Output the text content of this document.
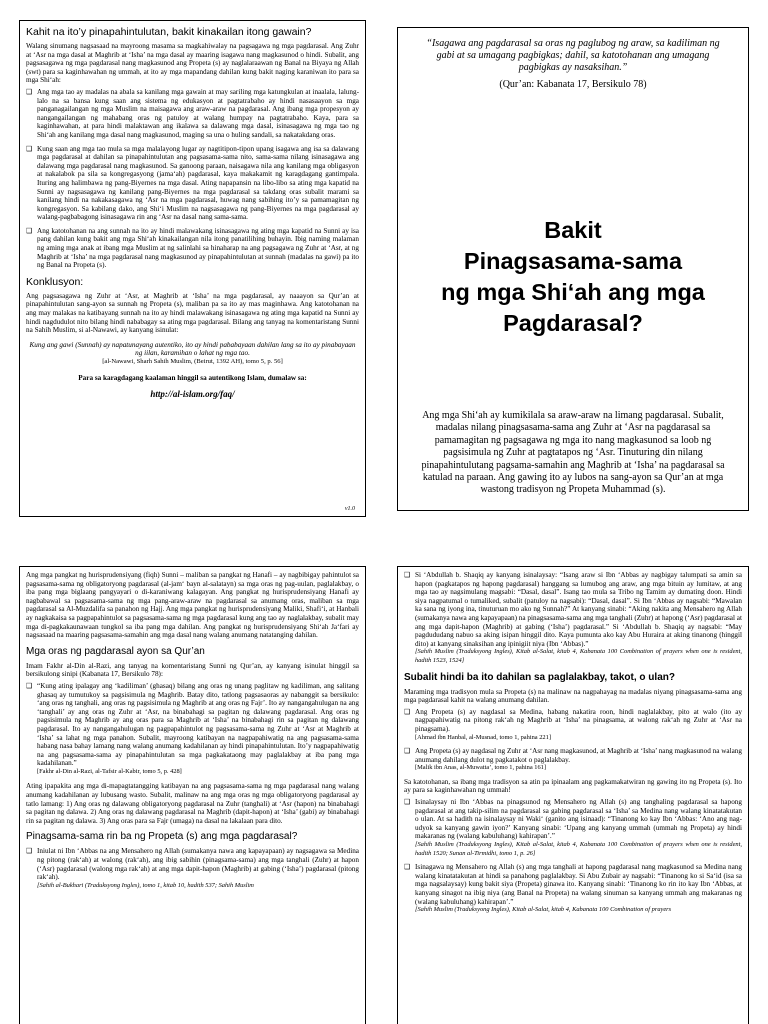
Kahit na ito’y pinapahintulutan, bakit kinakailan itong gawain?

Walang sinumang nagsasaad na mayroong masama sa magkahiwalay na pagsagawa ng mga pagdarasal. Ang Zuhr at ‘Asr na mga dasal at Maghrib at ‘Isha’ na mga dasal ay maaring isagawa nang magkasunod o hindi. Subalit, ang pagsasagawa ng mga pagdarasal nang magkasunod ang Propeta (s) ay naglalaraawan ng Banal na Biyaya ng Allah (swt) para sa kaginhawahan ng ummah, at ito ay mga mapandang dahilan kung bakit naging karaniwan ito para sa mga Shi‘ah:

❑ Ang mga tao ay madalas na abala sa kanilang mga gawain at may sariling mga katungkulan at inaalala, lalung-lalo na sa bansa kung saan ang sistema ng edukasyon at pagtatrabaho ay hindi nasasaayon sa mga panganagailangan ng mga Muslim na maisagawa ang araw-araw na pagdarasal. Ang ibang mga propesyon ay nangangailangan ng mahabang oras ng patuloy at walang humpay na pagtatrabaho. Kaya, para sa kaginhawahan, at para hindi malaktawan ang ikalawa sa dalawang mga dasal, isinasagawa ng mga tao ng Shi‘ah ang kanilang mga dasal nang magkasunod, maging sa una o huling sandali, sa nakatakdang oras.
❑ Kung saan ang mga tao mula sa mga malalayong lugar ay nagtitipon-tipon upang isagawa ang isa sa dalawang mga pagdarasal at dahilan sa pinapahintulutan ang pagsasama-sama nito, sama-sama nilang isinasagawa ang dalawang mga pagdarasal nang magkasunod. Sa ganoong paraan, naisagawa nila ang kanilang mga obligasyon at nakalabok pa sila sa kongregasyong (jama‘ah) pagdarasal, kaya makakamit ng karagdagang gantimpala. Ituring ang halimbawa ng pang-Biyernes na mga dasal. Ating napapansin na libo-libo sa ating mga kapatid na Sunni ay nagsasagawa ng kanilang pang-Biyernes na mga pagdarasal sa takdang oras subalit marami sa kanilang hindi na nakakasagawa ng ‘Asr na mga pagdarasal, huwag nang sabihing ito’y sa pamamagitan ng kongregasyon. Sa kabilang dako, ang Shi‘i Muslim na nagsasagawa ng pang-Biyernes na mga pagdarasal ay walang-pagbabagong isinasagawa rin ang ‘Asr na dasal nang sama-sama.
❑ Ang katotohanan na ang sunnah na ito ay hindi malawakang isinasagawa ng ating mga kapatid na Sunni ay isa pang dahilan kung bakit ang mga Shi‘ah kinakailangan nila itong panatilihing buhayin. Ibig naming malaman ng aming mga anak at ibang mga Muslim at ng salinlahi sa hinaharap na ang pagsagawa ng Zuhr at ‘Asr, at ng Maghrib at ‘Isha’ na mga pagdarasal nang magkasunod ay pinapahintulutan at sunnah (madalas na gawi) pa ito ng Banal na Propeta (s).
Konklusyon:

Ang pagsasagawa ng Zuhr at ‘Asr, at Maghrib at ‘Isha’ na mga pagdarasal, ay naaayon sa Qur’an at pinapahintulutan sang-ayon sa sunnah ng Propeta (s), maliban pa sa ito ay mas maginhawa. Ang katotohanan na ang may malakas na katibayang sunnah na ito ay hindi malawakang isinasagawa ng ating mga kapatid na Sunni ay hindi nagdudulot nito bilang hindi nababagay sa ating mga pagdarasal. Bilang ang tanyag na komentaristang Sunni na Sahih Muslim, si al-Nawawi, ay kanyang isinulat:

Kung ang gawi (Sunnah) ay napatunayang autentiko, ito ay hindi pababayaan dahilan lang sa ito ay pinabayaan ng iilan, karamihan o lahat ng mga tao.

[al-Nawawi, Sharh Sahih Muslim, (Beirut, 1392 AH), tomo 5, p. 56]

Para sa karagdagang kaalaman hinggil sa autentikong Islam, dumalaw sa:

http://al-islam.org/faq/

v1.0
“Isagawa ang pagdarasal sa oras ng paglubog ng araw, sa kadiliman ng gabi at sa umagang pagbigkas; dahil, sa katotohanan ang umagang pagbigkas ay nasaksihan.”
(Qur’an: Kabanata 17, Bersikulo 78)
Bakit
Pinagsasama-sama
ng mga Shi‘ah ang mga
Pagdarasal?
Ang mga Shi‘ah ay kumikilala sa araw-araw na limang pagdarasal. Subalit, madalas nilang pinagsasama-sama ang Zuhr at ‘Asr na pagdarasal sa pamamagitan ng pagsagawa ng mga ito nang magkasunod sa loob ng pagsisimula ng Zuhr at pagtatapos ng ‘Asr. Tinuturing din nilang pinapahintulutang pagsama-samahin ang Maghrib at ‘Isha’ na pagdarasal sa katulad na paraan. Ang gawing ito ay lubos na sang-ayon sa Qur’an at mga wastong tradisyon ng Propeta Muhammad (s).

Ang mga pangkat ng hurisprudensiyang (fiqh) Sunni – maliban sa pangkat ng Hanafi – ay nagbibigay pahintulot sa pagsasama-sama ng obligatoryong pagdarasal (al-jam‘ bayn al-salatayn) sa mga oras ng pag-uulan, paglalakbay, o iba pang mga biglaang pangyayari o di-karaniwang kalagayan. Ang pangkat ng hurisprudensiyang Hanafi ay nagbabawal sa pagsasama-sama ng mga pang-araw-araw na pagdarasal sa anumang oras, maliban sa mga pagdarasal sa Al-Muzdalifa sa panahon ng Hajj. Ang mga pangkat ng hurisprudensiyang Maliki, Shafi‘i, at Hanbali ay nagkakaisa sa pagpapahintulot sa pagsasama-sama ng mga pagdarasal kung ang tao ay naglalakbay, subalit may mga di-pagkakaunawaan tungkol sa iba pang mga dahilan. Ang pangkat ng hurisprudensiyang Shi‘ah Ja‘fari ay nagsasaad na maaring pagsasama-samahin ang mga dasal nang walang anumang natatanging dahilan.

Mga oras ng pagdarasal ayon sa Qur’an

Imam Fakhr al-Din al-Razi, ang tanyag na komentaristang Sunni ng Qur’an, ay kanyang isinulat hinggil sa bersikulong sinipi (Kabanata 17, Bersikulo 78):

❑ “Kung ating ipalagay ang ‘kadiliman’ (ghasaq) bilang ang oras ng unang paglitaw ng kadiliman, ang salitang ghasaq ay tumutukoy sa pagsisimula ng Maghrib. Batay dito, tatlong pagsasaoras ay nabanggit sa bersikulo: ‘ang oras ng tanghali, ang oras ng pagsisimula ng Maghrib at ang oras ng Fajr’. Ito ay nangangahulugan na ang ‘tanghali’ ay ang oras ng Zuhr at ‘Asr, na binabahagi sa pagitan ng dalawang pagdarasal. Ang oras ng pagsisimula ng Maghrib ay ang oras para sa Maghrib at ‘Isha’ na binabahagi rin sa pagitan ng dalawang pagdarasal. Ito ay nangangahulugan ng pagpapahintulot ng pagsasama-sama ng Zuhr at ‘Asr at Maghrib at ‘Isha’ sa lahat ng mga panahon. Subalit, mayroong katibayan na nagpapahiwatig na ang pagsasama-sama habang nasa bahay lamang nang walang anumang kadahilanan ay hindi pinapahintulutan. Ito’y nagpapahiwatig na ang pagsasama-sama ay pinapahintulutan sa mga pagkakataong may paglalakbay at iba pang mga kadahilanan.”
[Fakhr al-Din al-Razi, al-Tafsir al-Kabir, tomo 5, p. 428]

Ating ipapakita ang mga di-mapagtatangging katibayan na ang pagsasama-sama ng mga pagdarasal nang walang anumang kadahilanan ay lubusang wasto. Subalit, malinaw na ang mga oras ng mga obligatoryong pagdarasal ay tatlo lamang: 1) Ang oras ng dalawang obligatoryong pagdarasal na Zuhr (tanghali) at ‘Asr (hapon) na binabahagi sa pagitan ng dalawa. 2) Ang oras ng dalawang pagdarasal na Maghrib (dapit-hapon) at ‘Isha’ (gabi) ay binabahagi rin sa pagitan ng dalawa. 3) Ang oras para sa Fajr (umaga) na dasal na lakalaan para dito.

Pinagsama-sama rin ba ng Propeta (s) ang mga pagdarasal?
❑ Iniulat ni Ibn ‘Abbas na ang Mensahero ng Allah (sumakanya nawa ang kapayapaan) ay nagsagawa sa Medina ng pitong (rak‘ah) at walong (rak‘ah), ang ibig sabihin (pinagsama-sama) ang mga tanghali (Zuhr) at hapon (‘Asr) pagdarasal (walong mga rak‘ah) at ang mga dapit-hapon (Maghrib) at gabing (‘Isha’) pagdarasal (pitong rak‘ah).
[Sahih al-Bukhari (Traduksyong Ingles), tomo 1, kitab 10, hadith 537; Sahih Muslim
❑ Si ‘Abdullah b. Shaqiq ay kanyang isinalaysay: “Isang araw si Ibn ‘Abbas ay nagbigay talumpati sa amin sa hapon (pagkatapos ng hapong pagdarasal) hanggang sa lumubog ang araw, ang mga bituin ay lumitaw, at ang mga tao ay nagsimulang magsabi: “Dasal, dasal”. Isang tao mula sa Tribo ng Tamim ay dumating doon. Hindi siya nagpatumal o tumaliked, subalit (patuloy na nagsabi): “Dasal, dasal”. Si Ibn ‘Abbas ay nagsabi: “Mawalan ka sana ng iyong ina, tinuturuan mo ako ng Sunnah?” At kanyang sinabi: “Aking nakita ang Mensahero ng Allah (sumakanya nawa ang kapayapaan) na pinagsasama-sama ang mga tanghali (Zuhr) at hapong (‘Asr) pagdarasal at ang mga dapit-hapon (Maghrib) at gabing (‘Isha’) pagdarasal.” Si ‘Abdullah b. Shaqiq ay nagsabi: “May pagdududang nabuo sa aking isipan hinggil dito. Kaya pumunta ako kay Abu Huraira at aking tinanong (hinggil dito) at kanyang sinaksihan ang ipinigiit niya (Ibn ‘Abbas).”
[Sahih Muslim (Traduksyong Ingles), Kitab al-Salat, kitab 4, Kabanata 100 Combination of prayers when one is resident, hadith 1523, 1524]
Subalit hindi ba ito dahilan sa paglalakbay, takot, o ulan?

Maraming mga tradisyon mula sa Propeta (s) na malinaw na nagpahayag na madalas niyang pinagsasama-sama ang mga pagdarasal kahit na walang anumang dahilan.

❑ Ang Propeta (s) ay nagdasal sa Medina, habang nakatira roon, hindi naglalakbay, pito at walo (ito ay nagpapahiwatig na pitong rak‘ah ng Maghrib at ‘Isha’ na pinagsama, at walong rak‘ah ng Zuhr at ‘Asr na pinagsama).
[Ahmad ibn Hanbal, al-Musnad, tomo 1, pahina 221]
❑ Ang Propeta (s) ay nagdasal ng Zuhr at ‘Asr nang magkasunod, at Maghrib at ‘Isha’ nang magkasunod na walang anumang dahilang dulot ng pagkatakot o paglalakbay.
[Malik ibn Anas, al-Muwatta’, tomo 1, pahina 161]

Sa katotohanan, sa ibang mga tradisyon sa atin pa ipinaalam ang pagkamakatwiran ng gawing ito ng Propeta (s). Ito ay para sa kaginhawahan ng ummah!

❑ Isinalaysay ni Ibn ‘Abbas na pinagsunod ng Mensahero ng Allah (s) ang tanghaling pagdarasal sa hapong pagdarasal at ang takip-silim na pagdarasal sa gabing pagdarasal sa ‘Isha’ sa Medina nang walang kinatatakutan o ulan. At sa hadith na isinalaysay ni Waki‘ (ganito ang isinaad): “Tinanong ko kay Ibn ‘Abbas: ‘Ano ang nag-udyok sa kanyang gawin iyon?’ Kanyang sinabi: ‘Upang ang kanyang ummah (ummah ng Propeta) ay hindi makaranas ng (walang kabuluhang) kahirapan’.”
[Sahih Muslim (Traduksyong Ingles), Kitab al-Salat, kitab 4, Kabanata 100 Combination of prayers when one is resident, hadith 1520; Sunan al-Tirmidhi, tomo 1, p. 26]
❑ Isinagawa ng Mensahero ng Allah (s) ang mga tanghali at hapong pagdarasal nang magkasunod sa Medina nang walang kinatatakutan at hindi sa panahong paglalakbay. Si Abu Zubair ay nagsabi: “Tinanong ko si Sa‘id (isa sa mga nagsalaysay) kung bakit siya (Propeta) ginawa ito. Kanyang sinabi: ‘Tinanong ko rin ito kay Ibn ‘Abbas, at kanyang sinagot na ibig niya (ang Banal na Propeta) na walang sinuman sa kanyang ummah ang makaranas ng (walang kabuluhang) kahirapan’.”
[Sahih Muslim (Traduksyong Ingles), Kitab al-Salat, kitab 4, Kabanata 100 Combination of prayers
